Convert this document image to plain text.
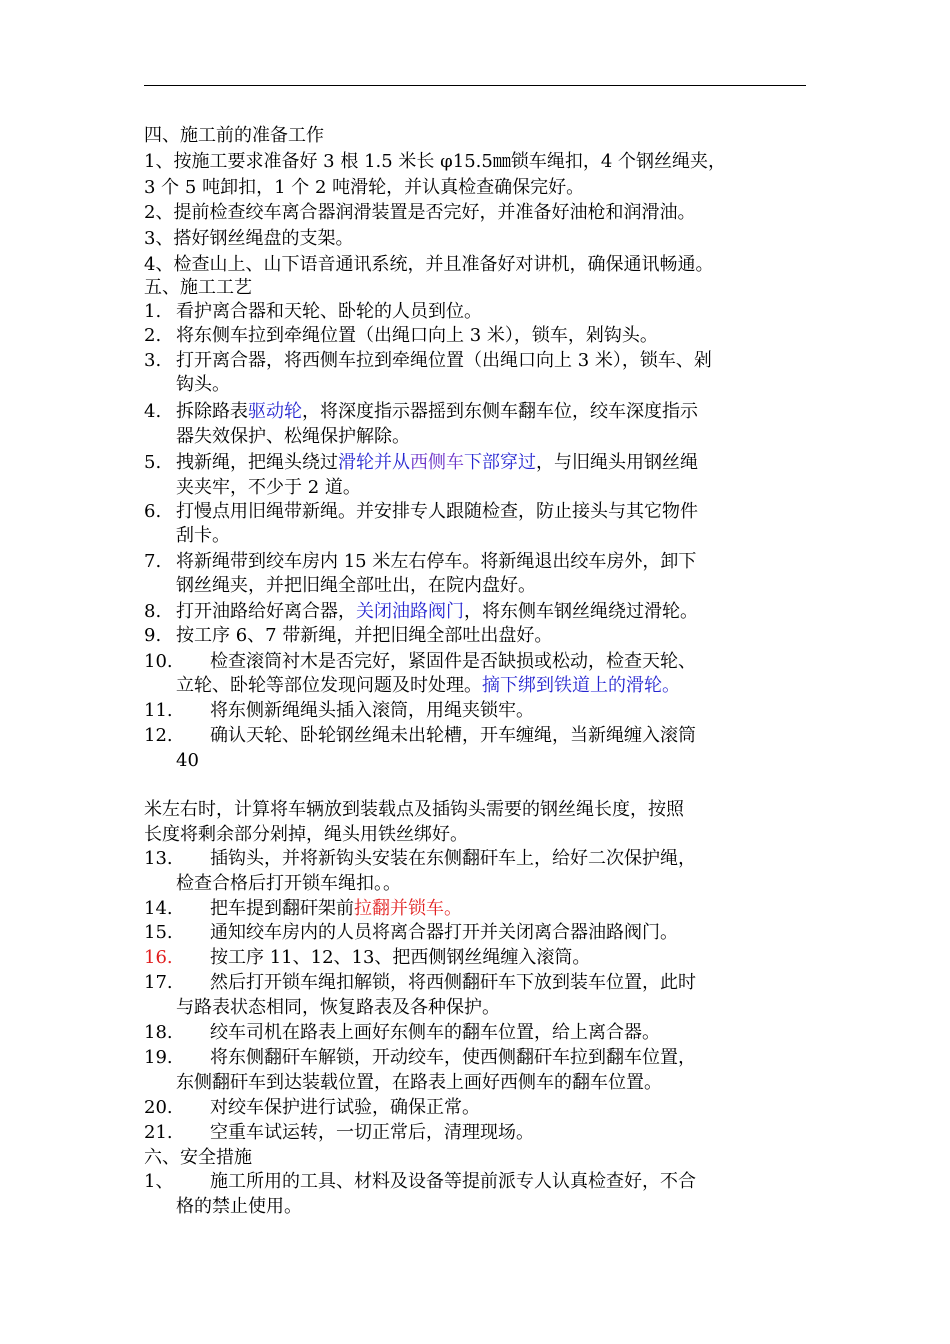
四、施工前的准备工作
1、按施工要求准备好 3 根 1.5 米长 φ15.5㎜锁车绳扣，4 个钢丝绳夹，
3 个 5 吨卸扣，1 个 2 吨滑轮，并认真检查确保完好。
2、提前检查绞车离合器润滑装置是否完好，并准备好油枪和润滑油。
3、搭好钢丝绳盘的支架。
4、检查山上、山下语音通讯系统，并且准备好对讲机，确保通讯畅通。
五、施工工艺
1. 看护离合器和天轮、卧轮的人员到位。
2. 将东侧车拉到牵绳位置（出绳口向上 3 米），锁车，剁钩头。
3. 打开离合器，将西侧车拉到牵绳位置（出绳口向上 3 米），锁车、剁
钩头。
4. 拆除路表驱动轮，将深度指示器摇到东侧车翻车位，绞车深度指示
器失效保护、松绳保护解除。
5. 拽新绳，把绳头绕过滑轮并从西侧车下部穿过，与旧绳头用钢丝绳
夹夹牢，不少于 2 道。
6. 打慢点用旧绳带新绳。并安排专人跟随检查，防止接头与其它物件
刮卡。
7. 将新绳带到绞车房内 15 米左右停车。将新绳退出绞车房外，卸下
钢丝绳夹，并把旧绳全部吐出，在院内盘好。
8. 打开油路给好离合器，关闭油路阀门，将东侧车钢丝绳绕过滑轮。
9. 按工序 6、7 带新绳，并把旧绳全部吐出盘好。
10. 检查滚筒衬木是否完好，紧固件是否缺损或松动，检查天轮、
立轮、卧轮等部位发现问题及时处理。摘下绑到铁道上的滑轮。
11. 将东侧新绳绳头插入滚筒，用绳夹锁牢。
12. 确认天轮、卧轮钢丝绳未出轮槽，开车缠绳，当新绳缠入滚筒
40
米左右时，计算将车辆放到装载点及插钩头需要的钢丝绳长度，按照
长度将剩余部分剁掉，绳头用铁丝绑好。
13. 插钩头，并将新钩头安装在东侧翻矸车上，给好二次保护绳，
检查合格后打开锁车绳扣。。
14. 把车提到翻矸架前拉翻并锁车。
15. 通知绞车房内的人员将离合器打开并关闭离合器油路阀门。
16. 按工序 11、12、13、把西侧钢丝绳缠入滚筒。
17. 然后打开锁车绳扣解锁，将西侧翻矸车下放到装车位置，此时
与路表状态相同，恢复路表及各种保护。
18. 绞车司机在路表上画好东侧车的翻车位置，给上离合器。
19. 将东侧翻矸车解锁，开动绞车，使西侧翻矸车拉到翻车位置，
东侧翻矸车到达装载位置，在路表上画好西侧车的翻车位置。
20. 对绞车保护进行试验，确保正常。
21. 空重车试运转，一切正常后，清理现场。
六、安全措施
1、 施工所用的工具、材料及设备等提前派专人认真检查好，不合
格的禁止使用。
